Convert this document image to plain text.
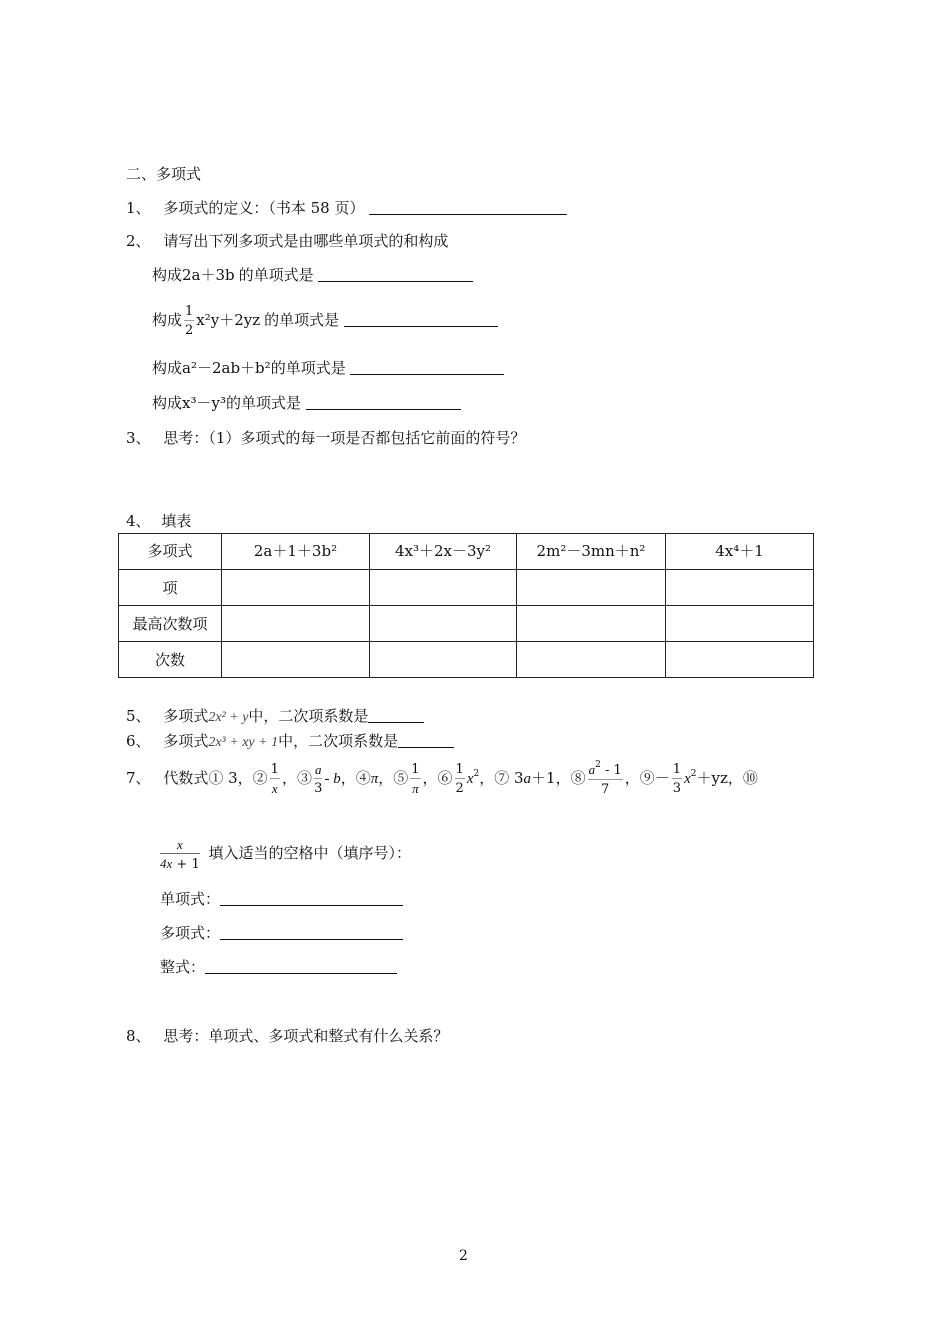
二、多项式
1、 多项式的定义：（书本 58 页）
2、 请写出下列多项式是由哪些单项式的和构成
构成2a＋3b 的单项式是
构成 $\frac{1}{2} x^2y+2yz$ 的单项式是
构成a²－2ab＋b²的单项式是
构成x³－y³的单项式是
3、 思考：（1）多项式的每一项是否都包括它前面的符号？
4、 填表
多项式	2a＋1＋3b²	4x³＋2x－3y²	2m²－3mn＋n²	4x⁴＋1
项				
最高次数项				
次数				
5、 多项式2x² + y中，二次项系数是
6、 多项式2x³ + xy + 1中，二次项系数是
7、 代数式① 3，② $\frac{1}{x}$ ，③ $\frac{a}{3}$ - b，④π，⑤ $\frac{1}{\pi}$ ，⑥ $\frac{1}{2} x^2$，⑦ 3a＋1，⑧ $\frac{a^2 - 1}{7}$ ，⑨－ $\frac{1}{3} x^2+yz$，⑩
$\frac{x}{4x + 1}$ 填入适当的空格中（填序号）：
单项式：
多项式：
整式：
8、 思考：单项式、多项式和整式有什么关系？
2
